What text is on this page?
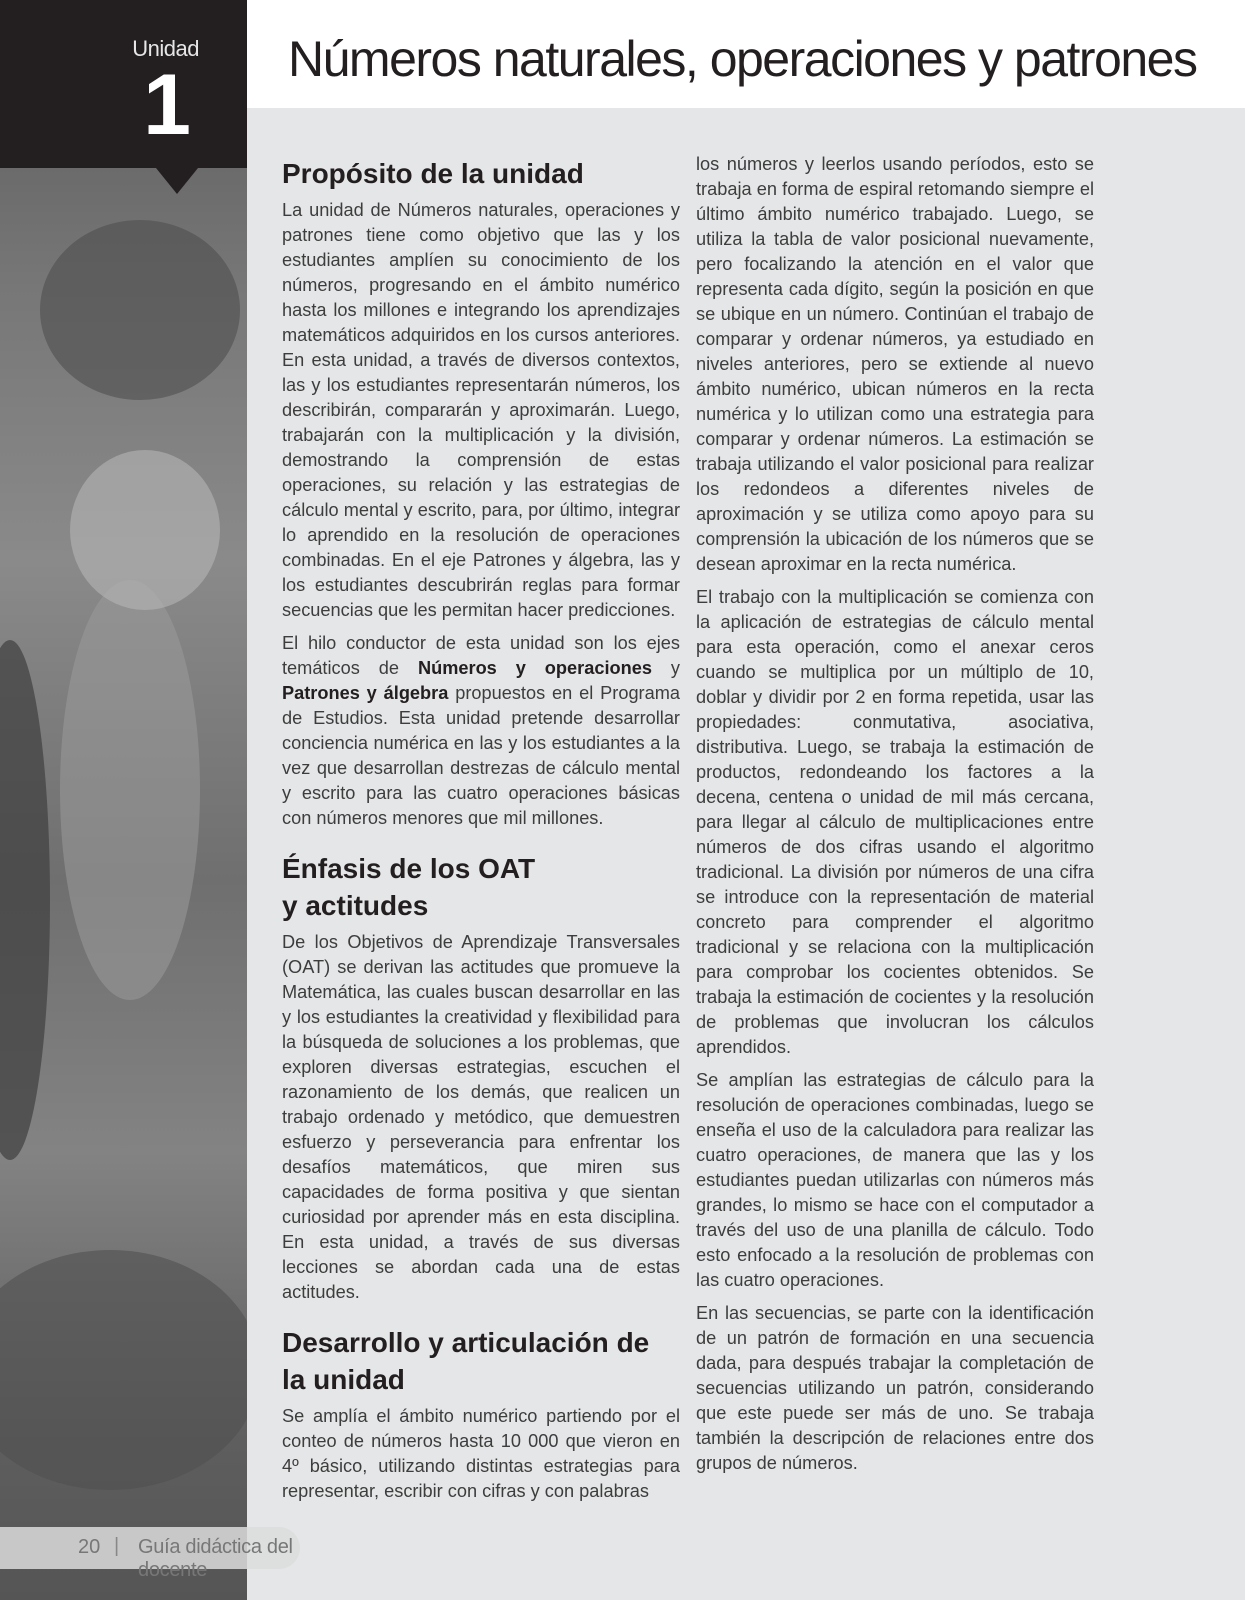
Unidad
1 Números naturales, operaciones y patrones
Propósito de la unidad

La unidad de Números naturales, operaciones y patrones tiene como objetivo que las y los estudiantes amplíen su conocimiento de los números, progresando en el ámbito numérico hasta los millones e integrando los aprendizajes matemáticos adquiridos en los cursos anteriores. En esta unidad, a través de diversos contextos, las y los estudiantes representarán números, los describirán, compararán y aproximarán. Luego, trabajarán con la multiplicación y la división, demostrando la comprensión de estas operaciones, su relación y las estrategias de cálculo mental y escrito, para, por último, integrar lo aprendido en la resolución de operaciones combinadas. En el eje Patrones y álgebra, las y los estudiantes descubrirán reglas para formar secuencias que les permitan hacer predicciones.

El hilo conductor de esta unidad son los ejes temáticos de Números y operaciones y Patrones y álgebra propuestos en el Programa de Estudios. Esta unidad pretende desarrollar conciencia numérica en las y los estudiantes a la vez que desarrollan destrezas de cálculo mental y escrito para las cuatro operaciones básicas con números menores que mil millones.

Énfasis de los OAT
y actitudes

De los Objetivos de Aprendizaje Transversales (OAT) se derivan las actitudes que promueve la Matemática, las cuales buscan desarrollar en las y los estudiantes la creatividad y flexibilidad para la búsqueda de soluciones a los problemas, que exploren diversas estrategias, escuchen el razonamiento de los demás, que realicen un trabajo ordenado y metódico, que demuestren esfuerzo y perseverancia para enfrentar los desafíos matemáticos, que miren sus capacidades de forma positiva y que sientan curiosidad por aprender más en esta disciplina. En esta unidad, a través de sus diversas lecciones se abordan cada una de estas actitudes.

Desarrollo y articulación de
la unidad

Se amplía el ámbito numérico partiendo por el conteo de números hasta 10 000 que vieron en 4º básico, utilizando distintas estrategias para representar, escribir con cifras y con palabras

los números y leerlos usando períodos, esto se trabaja en forma de espiral retomando siempre el último ámbito numérico trabajado. Luego, se utiliza la tabla de valor posicional nuevamente, pero focalizando la atención en el valor que representa cada dígito, según la posición en que se ubique en un número. Continúan el trabajo de comparar y ordenar números, ya estudiado en niveles anteriores, pero se extiende al nuevo ámbito numérico, ubican números en la recta numérica y lo utilizan como una estrategia para comparar y ordenar números. La estimación se trabaja utilizando el valor posicional para realizar los redondeos a diferentes niveles de aproximación y se utiliza como apoyo para su comprensión la ubicación de los números que se desean aproximar en la recta numérica.

El trabajo con la multiplicación se comienza con la aplicación de estrategias de cálculo mental para esta operación, como el anexar ceros cuando se multiplica por un múltiplo de 10, doblar y dividir por 2 en forma repetida, usar las propiedades: conmutativa, asociativa, distributiva. Luego, se trabaja la estimación de productos, redondeando los factores a la decena, centena o unidad de mil más cercana, para llegar al cálculo de multiplicaciones entre números de dos cifras usando el algoritmo tradicional. La división por números de una cifra se introduce con la representación de material concreto para comprender el algoritmo tradicional y se relaciona con la multiplicación para comprobar los cocientes obtenidos. Se trabaja la estimación de cocientes y la resolución de problemas que involucran los cálculos aprendidos.

Se amplían las estrategias de cálculo para la resolución de operaciones combinadas, luego se enseña el uso de la calculadora para realizar las cuatro operaciones, de manera que las y los estudiantes puedan utilizarlas con números más grandes, lo mismo se hace con el computador a través del uso de una planilla de cálculo. Todo esto enfocado a la resolución de problemas con las cuatro operaciones.

En las secuencias, se parte con la identificación de un patrón de formación en una secuencia dada, para después trabajar la completación de secuencias utilizando un patrón, considerando que este puede ser más de uno. Se trabaja también la descripción de relaciones entre dos grupos de números.

20 | Guía didáctica del docente
